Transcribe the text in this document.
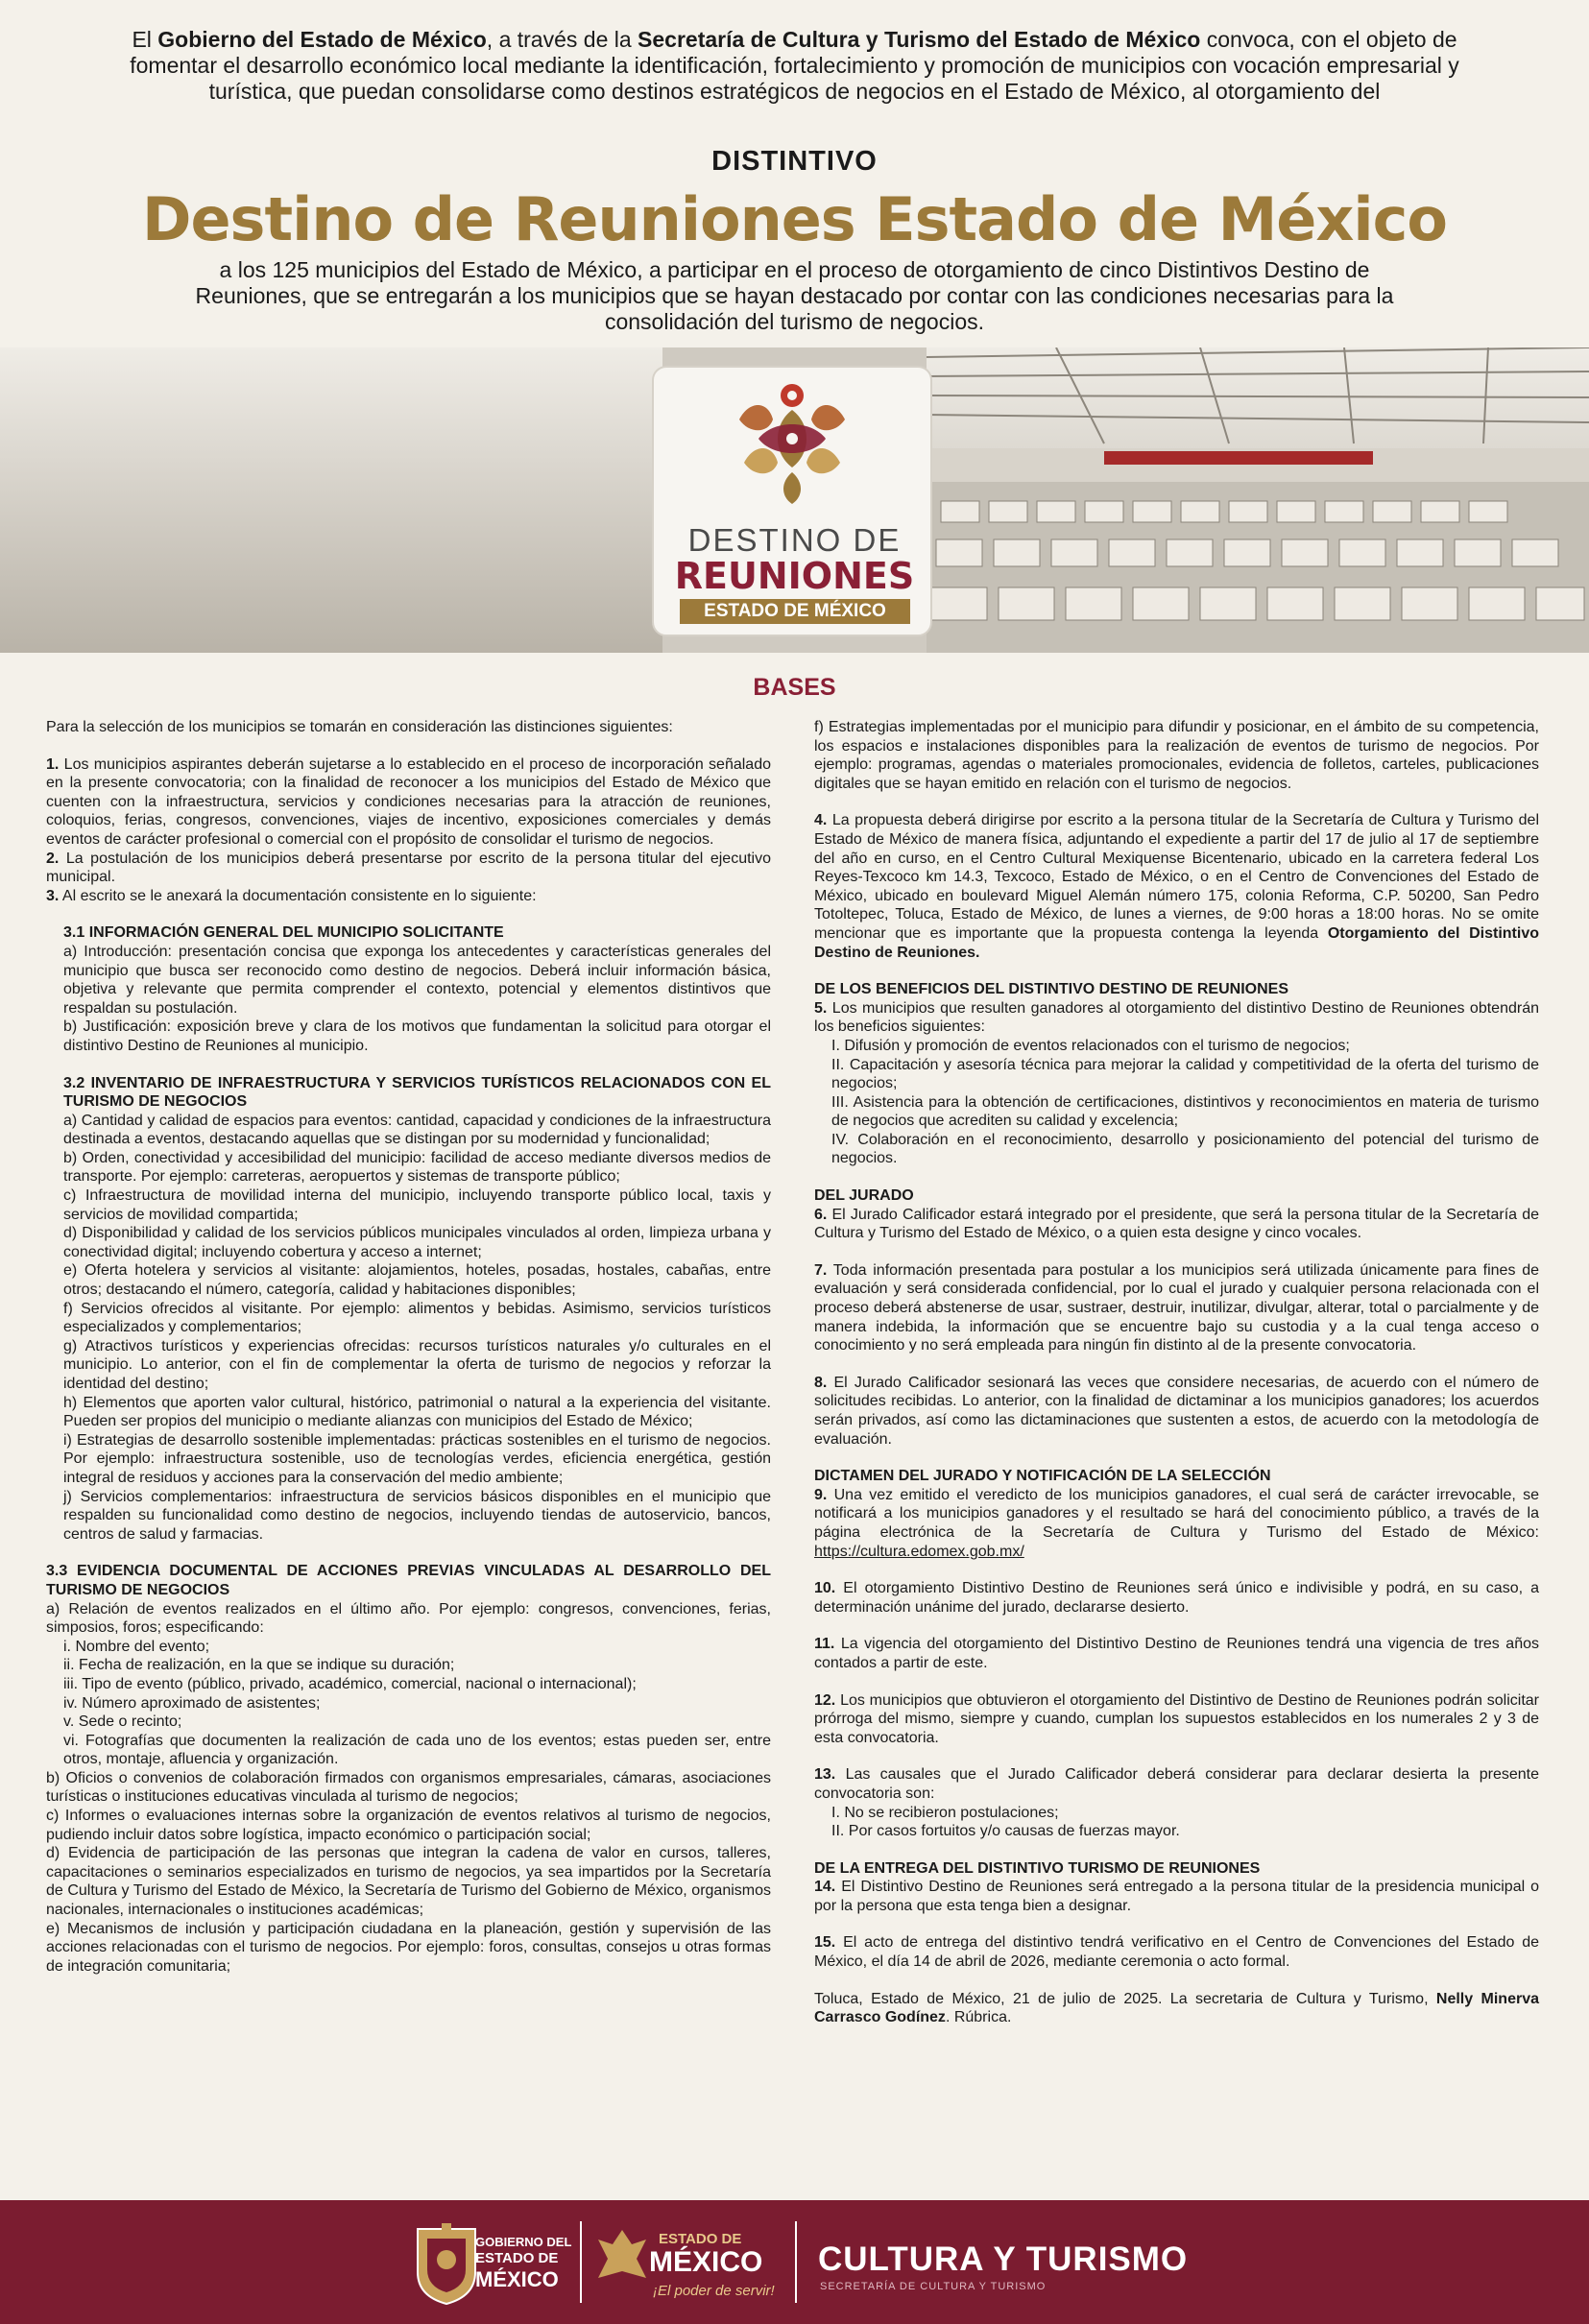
El Gobierno del Estado de México, a través de la Secretaría de Cultura y Turismo del Estado de México convoca, con el objeto de fomentar el desarrollo económico local mediante la identificación, fortalecimiento y promoción de municipios con vocación empresarial y turística, que puedan consolidarse como destinos estratégicos de negocios en el Estado de México, al otorgamiento del
DISTINTIVO
Destino de Reuniones Estado de México
a los 125 municipios del Estado de México, a participar en el proceso de otorgamiento de cinco Distintivos Destino de Reuniones, que se entregarán a los municipios que se hayan destacado por contar con las condiciones necesarias para la consolidación del turismo de negocios.
DESTINO DE
REUNIONES
ESTADO DE MÉXICO
BASES

Para la selección de los municipios se tomarán en consideración las distinciones siguientes:

1. Los municipios aspirantes deberán sujetarse a lo establecido en el proceso de incorporación señalado en la presente convocatoria; con la finalidad de reconocer a los municipios del Estado de México que cuenten con la infraestructura, servicios y condiciones necesarias para la atracción de reuniones, coloquios, ferias, congresos, convenciones, viajes de incentivo, exposiciones comerciales y demás eventos de carácter profesional o comercial con el propósito de consolidar el turismo de negocios.

2. La postulación de los municipios deberá presentarse por escrito de la persona titular del ejecutivo municipal.

3. Al escrito se le anexará la documentación consistente en lo siguiente:

3.1 INFORMACIÓN GENERAL DEL MUNICIPIO SOLICITANTE

a) Introducción: presentación concisa que exponga los antecedentes y características generales del municipio que busca ser reconocido como destino de negocios. Deberá incluir información básica, objetiva y relevante que permita comprender el contexto, potencial y elementos distintivos que respaldan su postulación.

b) Justificación: exposición breve y clara de los motivos que fundamentan la solicitud para otorgar el distintivo Destino de Reuniones al municipio.

3.2 INVENTARIO DE INFRAESTRUCTURA Y SERVICIOS TURÍSTICOS RELACIONADOS CON EL TURISMO DE NEGOCIOS

a) Cantidad y calidad de espacios para eventos: cantidad, capacidad y condiciones de la infraestructura destinada a eventos, destacando aquellas que se distingan por su modernidad y funcionalidad;

b) Orden, conectividad y accesibilidad del municipio: facilidad de acceso mediante diversos medios de transporte. Por ejemplo: carreteras, aeropuertos y sistemas de transporte público;

c) Infraestructura de movilidad interna del municipio, incluyendo transporte público local, taxis y servicios de movilidad compartida;

d) Disponibilidad y calidad de los servicios públicos municipales vinculados al orden, limpieza urbana y conectividad digital; incluyendo cobertura y acceso a internet;

e) Oferta hotelera y servicios al visitante: alojamientos, hoteles, posadas, hostales, cabañas, entre otros; destacando el número, categoría, calidad y habitaciones disponibles;

f) Servicios ofrecidos al visitante. Por ejemplo: alimentos y bebidas. Asimismo, servicios turísticos especializados y complementarios;

g) Atractivos turísticos y experiencias ofrecidas: recursos turísticos naturales y/o culturales en el municipio. Lo anterior, con el fin de complementar la oferta de turismo de negocios y reforzar la identidad del destino;

h) Elementos que aporten valor cultural, histórico, patrimonial o natural a la experiencia del visitante. Pueden ser propios del municipio o mediante alianzas con municipios del Estado de México;

i) Estrategias de desarrollo sostenible implementadas: prácticas sostenibles en el turismo de negocios. Por ejemplo: infraestructura sostenible, uso de tecnologías verdes, eficiencia energética, gestión integral de residuos y acciones para la conservación del medio ambiente;

j) Servicios complementarios: infraestructura de servicios básicos disponibles en el municipio que respalden su funcionalidad como destino de negocios, incluyendo tiendas de autoservicio, bancos, centros de salud y farmacias.

3.3 EVIDENCIA DOCUMENTAL DE ACCIONES PREVIAS VINCULADAS AL DESARROLLO DEL TURISMO DE NEGOCIOS

a) Relación de eventos realizados en el último año. Por ejemplo: congresos, convenciones, ferias, simposios, foros; especificando:

i. Nombre del evento;

ii. Fecha de realización, en la que se indique su duración;

iii. Tipo de evento (público, privado, académico, comercial, nacional o internacional);

iv. Número aproximado de asistentes;

v. Sede o recinto;

vi. Fotografías que documenten la realización de cada uno de los eventos; estas pueden ser, entre otros, montaje, afluencia y organización.

b) Oficios o convenios de colaboración firmados con organismos empresariales, cámaras, asociaciones turísticas o instituciones educativas vinculada al turismo de negocios;

c) Informes o evaluaciones internas sobre la organización de eventos relativos al turismo de negocios, pudiendo incluir datos sobre logística, impacto económico o participación social;

d) Evidencia de participación de las personas que integran la cadena de valor en cursos, talleres, capacitaciones o seminarios especializados en turismo de negocios, ya sea impartidos por la Secretaría de Cultura y Turismo del Estado de México, la Secretaría de Turismo del Gobierno de México, organismos nacionales, internacionales o instituciones académicas;

e) Mecanismos de inclusión y participación ciudadana en la planeación, gestión y supervisión de las acciones relacionadas con el turismo de negocios. Por ejemplo: foros, consultas, consejos u otras formas de integración comunitaria;

f) Estrategias implementadas por el municipio para difundir y posicionar, en el ámbito de su competencia, los espacios e instalaciones disponibles para la realización de eventos de turismo de negocios. Por ejemplo: programas, agendas o materiales promocionales, evidencia de folletos, carteles, publicaciones digitales que se hayan emitido en relación con el turismo de negocios.

4. La propuesta deberá dirigirse por escrito a la persona titular de la Secretaría de Cultura y Turismo del Estado de México de manera física, adjuntando el expediente a partir del 17 de julio al 17 de septiembre del año en curso, en el Centro Cultural Mexiquense Bicentenario, ubicado en la carretera federal Los Reyes-Texcoco km 14.3, Texcoco, Estado de México, o en el Centro de Convenciones del Estado de México, ubicado en boulevard Miguel Alemán número 175, colonia Reforma, C.P. 50200, San Pedro Totoltepec, Toluca, Estado de México, de lunes a viernes, de 9:00 horas a 18:00 horas. No se omite mencionar que es importante que la propuesta contenga la leyenda Otorgamiento del Distintivo Destino de Reuniones.

DE LOS BENEFICIOS DEL DISTINTIVO DESTINO DE REUNIONES

5. Los municipios que resulten ganadores al otorgamiento del distintivo Destino de Reuniones obtendrán los beneficios siguientes:

I. Difusión y promoción de eventos relacionados con el turismo de negocios;

II. Capacitación y asesoría técnica para mejorar la calidad y competitividad de la oferta del turismo de negocios;

III. Asistencia para la obtención de certificaciones, distintivos y reconocimientos en materia de turismo de negocios que acrediten su calidad y excelencia;

IV. Colaboración en el reconocimiento, desarrollo y posicionamiento del potencial del turismo de negocios.

DEL JURADO

6. El Jurado Calificador estará integrado por el presidente, que será la persona titular de la Secretaría de Cultura y Turismo del Estado de México, o a quien esta designe y cinco vocales.

7. Toda información presentada para postular a los municipios será utilizada únicamente para fines de evaluación y será considerada confidencial, por lo cual el jurado y cualquier persona relacionada con el proceso deberá abstenerse de usar, sustraer, destruir, inutilizar, divulgar, alterar, total o parcialmente y de manera indebida, la información que se encuentre bajo su custodia y a la cual tenga acceso o conocimiento y no será empleada para ningún fin distinto al de la presente convocatoria.

8. El Jurado Calificador sesionará las veces que considere necesarias, de acuerdo con el número de solicitudes recibidas. Lo anterior, con la finalidad de dictaminar a los municipios ganadores; los acuerdos serán privados, así como las dictaminaciones que sustenten a estos, de acuerdo con la metodología de evaluación.

DICTAMEN DEL JURADO Y NOTIFICACIÓN DE LA SELECCIÓN

9. Una vez emitido el veredicto de los municipios ganadores, el cual será de carácter irrevocable, se notificará a los municipios ganadores y el resultado se hará del conocimiento público, a través de la página electrónica de la Secretaría de Cultura y Turismo del Estado de México: https://cultura.edomex.gob.mx/

10. El otorgamiento Distintivo Destino de Reuniones será único e indivisible y podrá, en su caso, a determinación unánime del jurado, declararse desierto.

11. La vigencia del otorgamiento del Distintivo Destino de Reuniones tendrá una vigencia de tres años contados a partir de este.

12. Los municipios que obtuvieron el otorgamiento del Distintivo de Destino de Reuniones podrán solicitar prórroga del mismo, siempre y cuando, cumplan los supuestos establecidos en los numerales 2 y 3 de esta convocatoria.

13. Las causales que el Jurado Calificador deberá considerar para declarar desierta la presente convocatoria son:

I. No se recibieron postulaciones;

II. Por casos fortuitos y/o causas de fuerzas mayor.

DE LA ENTREGA DEL DISTINTIVO TURISMO DE REUNIONES

14. El Distintivo Destino de Reuniones será entregado a la persona titular de la presidencia municipal o por la persona que esta tenga bien a designar.

15. El acto de entrega del distintivo tendrá verificativo en el Centro de Convenciones del Estado de México, el día 14 de abril de 2026, mediante ceremonia o acto formal.

Toluca, Estado de México, 21 de julio de 2025. La secretaria de Cultura y Turismo, Nelly Minerva Carrasco Godínez. Rúbrica.

GOBIERNO DEL
ESTADO DE
MÉXICO
ESTADO DE
MÉXICO
¡El poder de servir!
CULTURA Y TURISMO
SECRETARÍA DE CULTURA Y TURISMO
